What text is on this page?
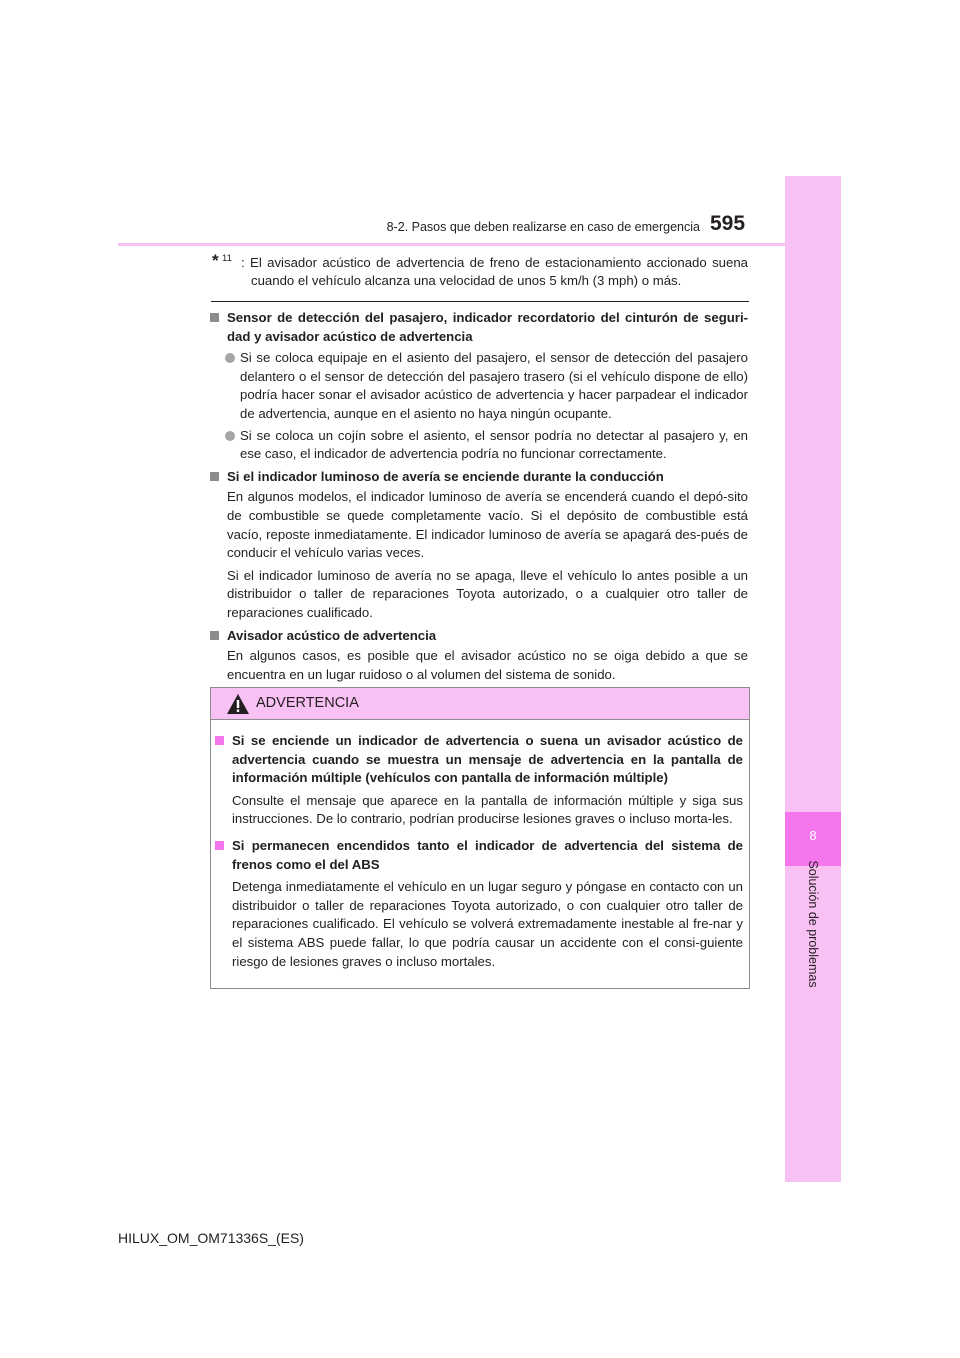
8
Solución de problemas
8-2. Pasos que deben realizarse en caso de emergencia 595
* 11 : El avisador acústico de advertencia de freno de estacionamiento accionado suena cuando el vehículo alcanza una velocidad de unos 5 km/h (3 mph) o más.
Sensor de detección del pasajero, indicador recordatorio del cinturón de seguri-dad y avisador acústico de advertencia
Si se coloca equipaje en el asiento del pasajero, el sensor de detección del pasajero delantero o el sensor de detección del pasajero trasero (si el vehículo dispone de ello) podría hacer sonar el avisador acústico de advertencia y hacer parpadear el indicador de advertencia, aunque en el asiento no haya ningún ocupante.
Si se coloca un cojín sobre el asiento, el sensor podría no detectar al pasajero y, en ese caso, el indicador de advertencia podría no funcionar correctamente.
Si el indicador luminoso de avería se enciende durante la conducción
En algunos modelos, el indicador luminoso de avería se encenderá cuando el depó-sito de combustible se quede completamente vacío. Si el depósito de combustible está vacío, reposte inmediatamente. El indicador luminoso de avería se apagará des-pués de conducir el vehículo varias veces.
Si el indicador luminoso de avería no se apaga, lleve el vehículo lo antes posible a un distribuidor o taller de reparaciones Toyota autorizado, o a cualquier otro taller de reparaciones cualificado.
Avisador acústico de advertencia
En algunos casos, es posible que el avisador acústico no se oiga debido a que se encuentra en un lugar ruidoso o al volumen del sistema de sonido.
ADVERTENCIA
Si se enciende un indicador de advertencia o suena un avisador acústico de advertencia cuando se muestra un mensaje de advertencia en la pantalla de información múltiple (vehículos con pantalla de información múltiple)
Consulte el mensaje que aparece en la pantalla de información múltiple y siga sus instrucciones. De lo contrario, podrían producirse lesiones graves o incluso morta-les.
Si permanecen encendidos tanto el indicador de advertencia del sistema de frenos como el del ABS
Detenga inmediatamente el vehículo en un lugar seguro y póngase en contacto con un distribuidor o taller de reparaciones Toyota autorizado, o con cualquier otro taller de reparaciones cualificado. El vehículo se volverá extremadamente inestable al fre-nar y el sistema ABS puede fallar, lo que podría causar un accidente con el consi-guiente riesgo de lesiones graves o incluso mortales.
HILUX_OM_OM71336S_(ES)
